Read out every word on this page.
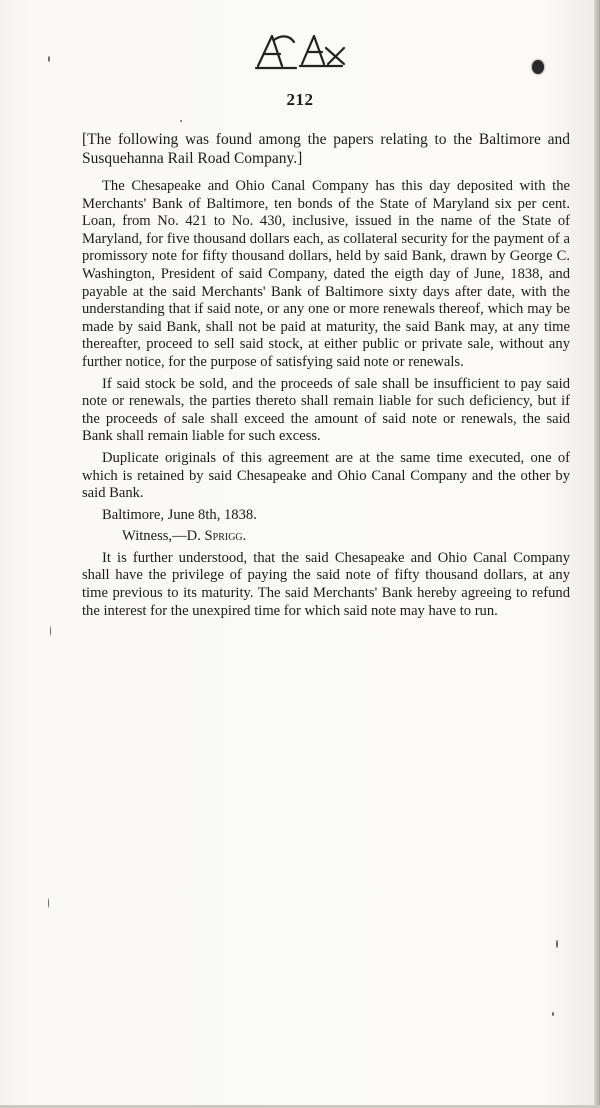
212

[The following was found among the papers relating to the Baltimore and Susquehanna Rail Road Company.]

The Chesapeake and Ohio Canal Company has this day deposited with the Merchants' Bank of Baltimore, ten bonds of the State of Maryland six per cent. Loan, from No. 421 to No. 430, inclusive, issued in the name of the State of Maryland, for five thousand dollars each, as collateral security for the payment of a promissory note for fifty thousand dollars, held by said Bank, drawn by George C. Washington, President of said Company, dated the eigth day of June, 1838, and payable at the said Merchants' Bank of Baltimore sixty days after date, with the understanding that if said note, or any one or more renewals thereof, which may be made by said Bank, shall not be paid at maturity, the said Bank may, at any time thereafter, proceed to sell said stock, at either public or private sale, without any further notice, for the purpose of satisfying said note or renewals.

If said stock be sold, and the proceeds of sale shall be insufficient to pay said note or renewals, the parties thereto shall remain liable for such deficiency, but if the proceeds of sale shall exceed the amount of said note or renewals, the said Bank shall remain liable for such excess.

Duplicate originals of this agreement are at the same time executed, one of which is retained by said Chesapeake and Ohio Canal Company and the other by said Bank.

Baltimore, June 8th, 1838.

Witness,—D. Sprigg.

It is further understood, that the said Chesapeake and Ohio Canal Company shall have the privilege of paying the said note of fifty thousand dollars, at any time previous to its maturity. The said Merchants' Bank hereby agreeing to refund the interest for the unexpired time for which said note may have to run.
